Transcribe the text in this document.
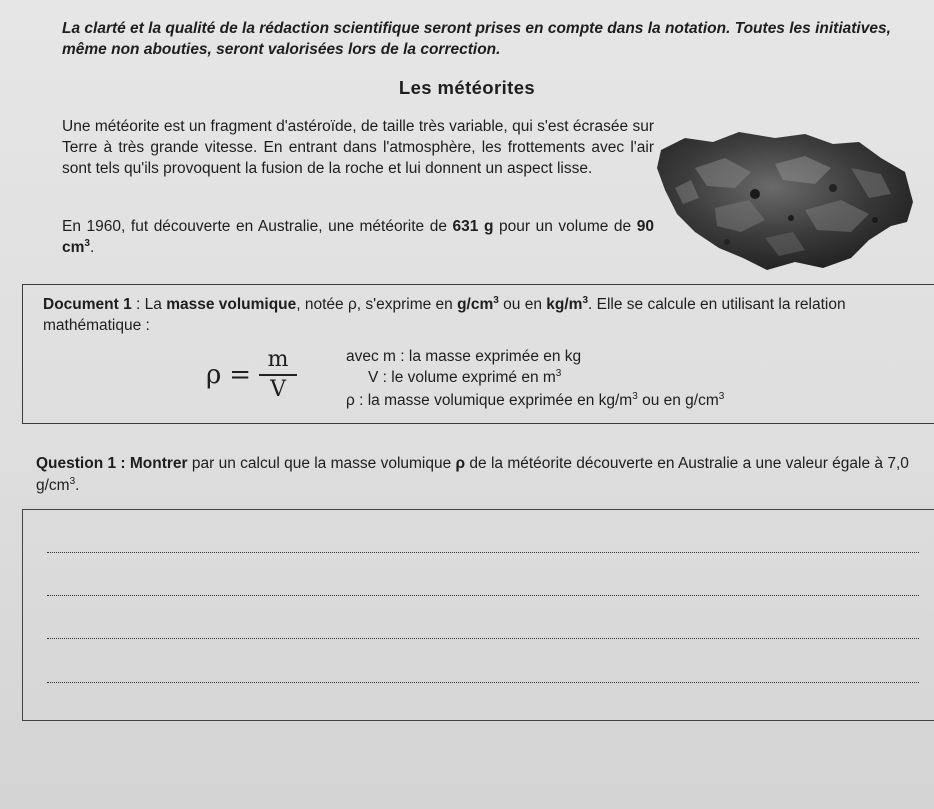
La clarté et la qualité de la rédaction scientifique seront prises en compte dans la notation. Toutes les initiatives, même non abouties, seront valorisées lors de la correction.

Les météorites

Une météorite est un fragment d'astéroïde, de taille très variable, qui s'est écrasée sur Terre à très grande vitesse. En entrant dans l'atmosphère, les frottements avec l'air sont tels qu'ils provoquent la fusion de la roche et lui donnent un aspect lisse.

En 1960, fut découverte en Australie, une météorite de 631 g pour un volume de 90 $cm^3$.

Document 1 : La masse volumique, notée ρ, s'exprime en $g/cm^3$ ou en $kg/m^3$. Elle se calcule en utilisant la relation mathématique :

$\rho = \frac{m}{V}$	avec m : la masse exprimée en kg
V : le volume exprimé en $m^3$
ρ : la masse volumique exprimée en $kg/m^3$ ou en $g/cm^3$

Question 1 : Montrer par un calcul que la masse volumique ρ de la météorite découverte en Australie a une valeur égale à 7,0 $g/cm^3$.
